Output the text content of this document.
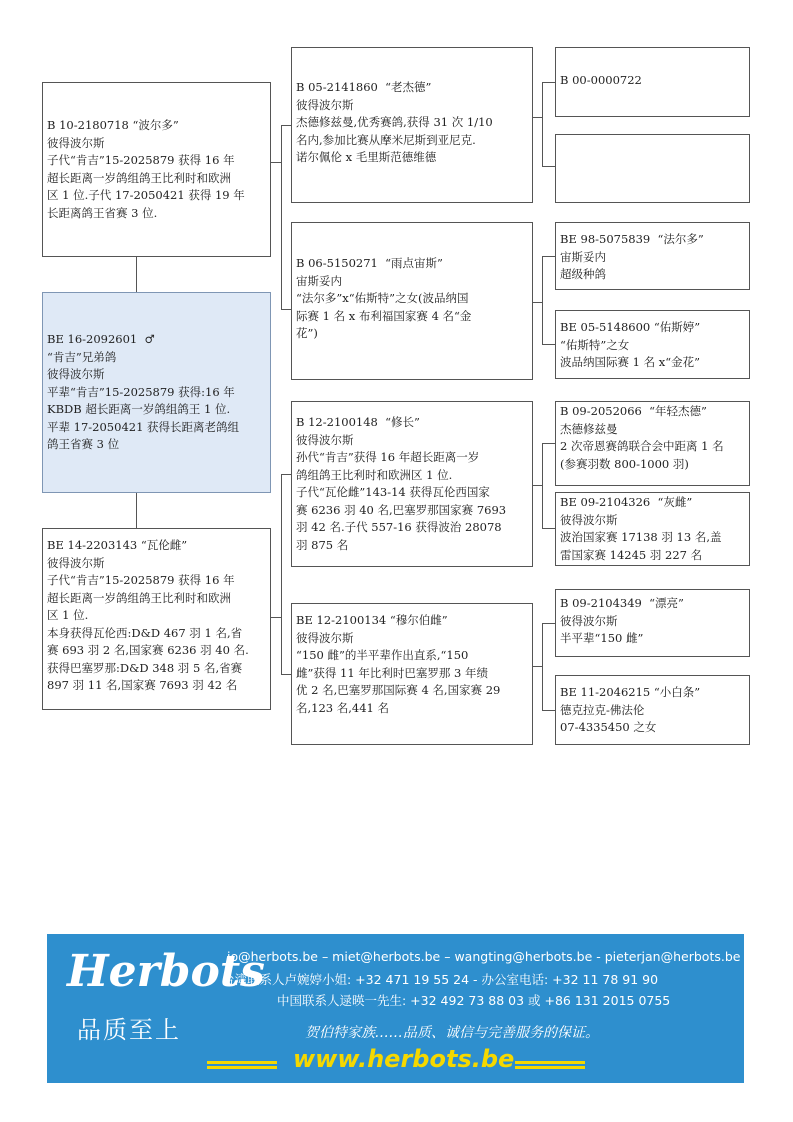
B 10-2180718 “波尔多”
彼得波尔斯
子代“肯吉”15-2025879 获得 16 年
超长距离一岁鸽组鸽王比利时和欧洲
区 1 位.子代 17-2050421 获得 19 年
长距离鸽王省赛 3 位.
BE 16-2092601  ♂
“肯吉”兄弟鸽
彼得波尔斯
平辈“肯吉”15-2025879 获得:16 年
KBDB 超长距离一岁鸽组鸽王 1 位.
平辈 17-2050421 获得长距离老鸽组
鸽王省赛 3 位
BE 14-2203143 “瓦伦雌”
彼得波尔斯
子代“肯吉”15-2025879 获得 16 年
超长距离一岁鸽组鸽王比利时和欧洲
区 1 位.
本身获得瓦伦西:D&D 467 羽 1 名,省
赛 693 羽 2 名,国家赛 6236 羽 40 名.
获得巴塞罗那:D&D 348 羽 5 名,省赛
897 羽 11 名,国家赛 7693 羽 42 名
B 05-2141860  “老杰德”
彼得波尔斯
杰德修兹曼,优秀赛鸽,获得 31 次 1/10
名内,参加比赛从摩米尼斯到亚尼克.
诺尔佩伦 x 毛里斯范德维德
B 06-5150271  “雨点宙斯”
宙斯妥内
“法尔多”x“佑斯特”之女(波品纳国
际赛 1 名 x 布利福国家赛 4 名“金
花”)
B 12-2100148  “修长”
彼得波尔斯
孙代“肯吉”获得 16 年超长距离一岁
鸽组鸽王比利时和欧洲区 1 位.
子代“瓦伦雌”143-14 获得瓦伦西国家
赛 6236 羽 40 名,巴塞罗那国家赛 7693
羽 42 名.子代 557-16 获得波治 28078
羽 875 名
BE 12-2100134 “穆尔伯雌”
彼得波尔斯
“150 雌”的半平辈作出直系,“150
雌”获得 11 年比利时巴塞罗那 3 年绩
优 2 名,巴塞罗那国际赛 4 名,国家赛 29
名,123 名,441 名
B 00-0000722
BE 98-5075839  “法尔多”
宙斯妥内
超级种鸽
BE 05-5148600 “佑斯婷”
“佑斯特”之女
波品纳国际赛 1 名 x“金花”
B 09-2052066  “年轻杰德”
杰德修兹曼
2 次帝恩赛鸽联合会中距离 1 名
(参赛羽数 800-1000 羽)
BE 09-2104326  “灰雌”
彼得波尔斯
波治国家赛 17138 羽 13 名,盖
雷国家赛 14245 羽 227 名
B 09-2104349  “漂亮”
彼得波尔斯
半平辈“150 雌”
BE 11-2046215 “小白条”
德克拉克-佛法伦
07-4335450 之女
Herbots
品质至上
jo@herbots.be – miet@herbots.be – wangting@herbots.be - pieterjan@herbots.be
台湾联系人卢婉婷小姐: +32 471 19 55 24 - 办公室电话: +32 11 78 91 90
中国联系人逯暎一先生: +32 492 73 88 03 或 +86 131 2015 0755
贺伯特家族……品质、诚信与完善服务的保证。
www.herbots.be
